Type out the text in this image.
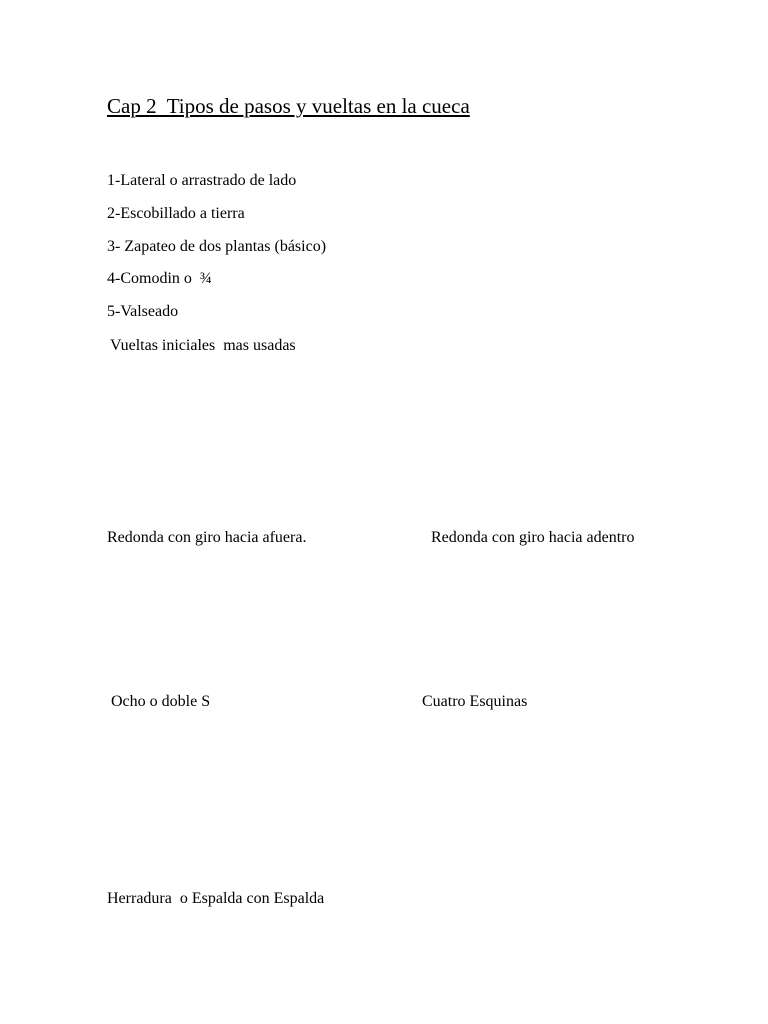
Cap 2  Tipos de pasos y vueltas en la cueca

1-Lateral o arrastrado de lado

2-Escobillado a tierra

3- Zapateo de dos plantas (básico)

4-Comodin o  ¾

5-Valseado

Vueltas iniciales  mas usadas

Redonda con giro hacia afuera.	Redonda con giro hacia adentro

Ocho o doble S	Cuatro Esquinas

Herradura  o Espalda con Espalda
